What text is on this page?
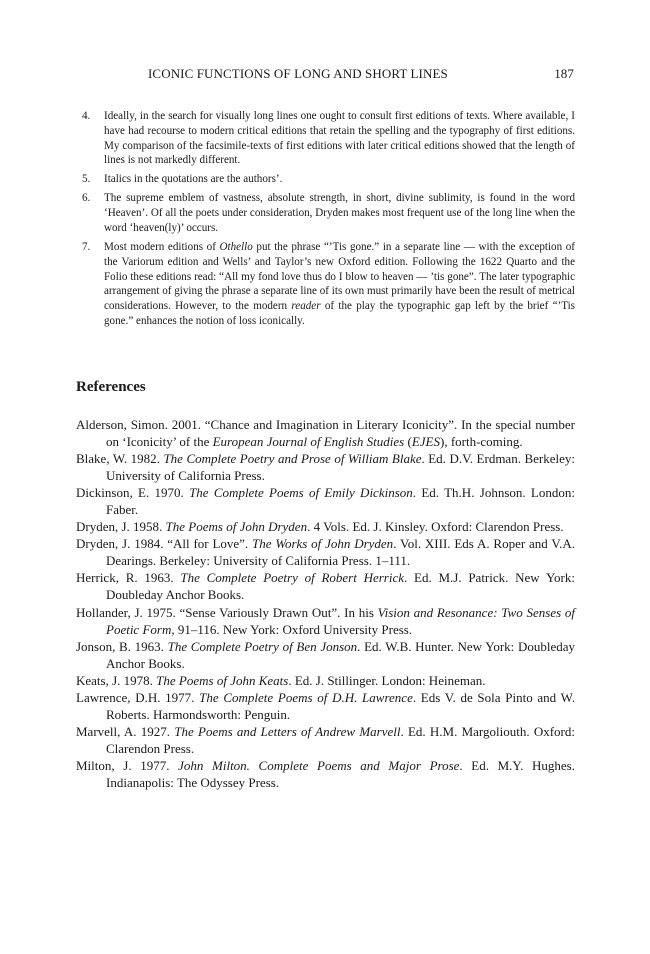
ICONIC FUNCTIONS OF LONG AND SHORT LINES	187
4.	Ideally, in the search for visually long lines one ought to consult first editions of texts. Where available, I have had recourse to modern critical editions that retain the spelling and the typography of first editions. My comparison of the facsimile-texts of first editions with later critical editions showed that the length of lines is not markedly different.
5.	Italics in the quotations are the authors’.
6.	The supreme emblem of vastness, absolute strength, in short, divine sublimity, is found in the word ‘Heaven’. Of all the poets under consideration, Dryden makes most frequent use of the long line when the word ‘heaven(ly)’ occurs.
7.	Most modern editions of Othello put the phrase “’Tis gone.” in a separate line — with the exception of the Variorum edition and Wells’ and Taylor’s new Oxford edition. Following the 1622 Quarto and the Folio these editions read: “All my fond love thus do I blow to heaven — ’tis gone”. The later typographic arrangement of giving the phrase a separate line of its own must primarily have been the result of metrical considerations. However, to the modern reader of the play the typographic gap left by the brief “’Tis gone.” enhances the notion of loss iconically.
References
Alderson, Simon. 2001. “Chance and Imagination in Literary Iconicity”. In the special number on ‘Iconicity’ of the European Journal of English Studies (EJES), forth-coming.
Blake, W. 1982. The Complete Poetry and Prose of William Blake. Ed. D.V. Erdman. Berkeley: University of California Press.
Dickinson, E. 1970. The Complete Poems of Emily Dickinson. Ed. Th.H. Johnson. London: Faber.
Dryden, J. 1958. The Poems of John Dryden. 4 Vols. Ed. J. Kinsley. Oxford: Clarendon Press.
Dryden, J. 1984. “All for Love”. The Works of John Dryden. Vol. XIII. Eds A. Roper and V.A. Dearings. Berkeley: University of California Press. 1–111.
Herrick, R. 1963. The Complete Poetry of Robert Herrick. Ed. M.J. Patrick. New York: Doubleday Anchor Books.
Hollander, J. 1975. “Sense Variously Drawn Out”. In his Vision and Resonance: Two Senses of Poetic Form, 91–116. New York: Oxford University Press.
Jonson, B. 1963. The Complete Poetry of Ben Jonson. Ed. W.B. Hunter. New York: Doubleday Anchor Books.
Keats, J. 1978. The Poems of John Keats. Ed. J. Stillinger. London: Heineman.
Lawrence, D.H. 1977. The Complete Poems of D.H. Lawrence. Eds V. de Sola Pinto and W. Roberts. Harmondsworth: Penguin.
Marvell, A. 1927. The Poems and Letters of Andrew Marvell. Ed. H.M. Margoliouth. Oxford: Clarendon Press.
Milton, J. 1977. John Milton. Complete Poems and Major Prose. Ed. M.Y. Hughes. Indianapolis: The Odyssey Press.
